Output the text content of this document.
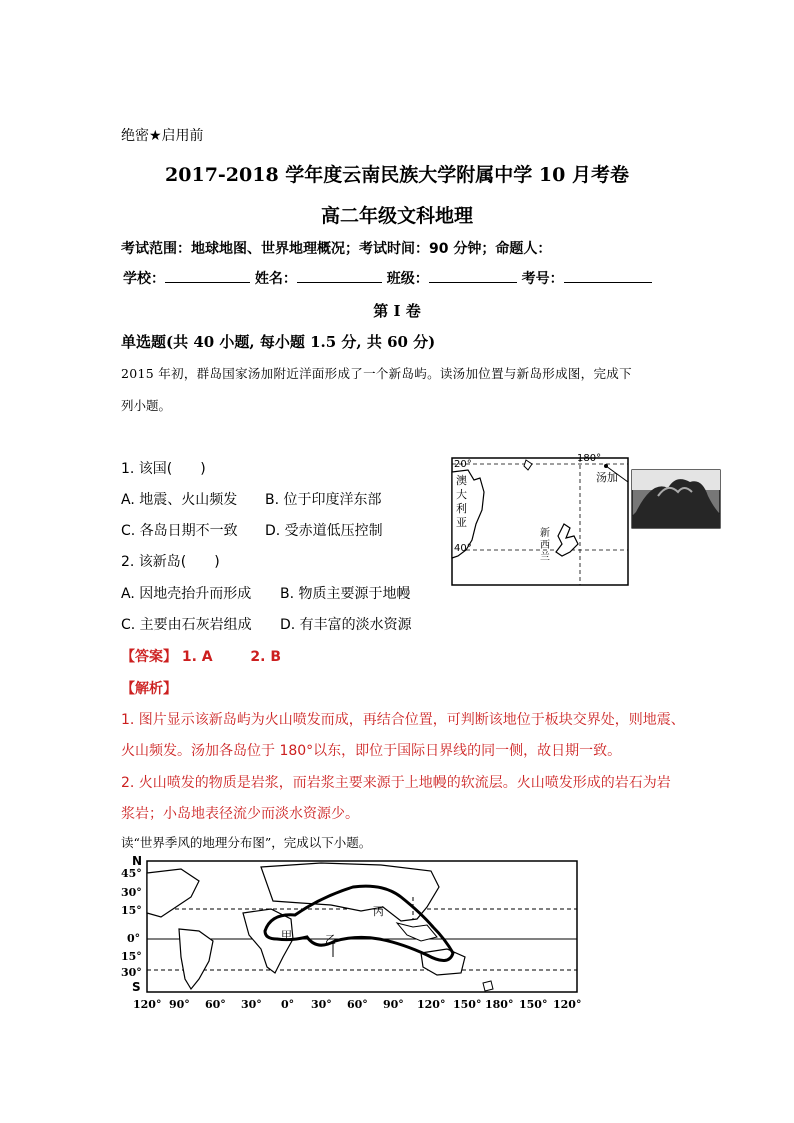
绝密★启用前
2017-2018 学年度云南民族大学附属中学 10 月考卷
高二年级文科地理
考试范围：地球地图、世界地理概况；考试时间：90 分钟；命题人：
学校：	姓名：	班级：	考号：
第 I 卷
单选题(共 40 小题, 每小题 1.5 分, 共 60 分)
2015 年初，群岛国家汤加附近洋面形成了一个新岛屿。读汤加位置与新岛形成图，完成下
列小题。
1. 该国(　　)
A. 地震、火山频发 B. 位于印度洋东部
C. 各岛日期不一致 D. 受赤道低压控制
2. 该新岛(　　)
A. 因地壳抬升而形成 B. 物质主要源于地幔
C. 主要由石灰岩组成 D. 有丰富的淡水资源
20°
40°
180°
汤加
澳大利亚
新西兰
【答案】 1. A	2. B
【解析】
1. 图片显示该新岛屿为火山喷发而成，再结合位置，可判断该地位于板块交界处，则地震、
火山频发。汤加各岛位于 180°以东，即位于国际日界线的同一侧，故日期一致。
2. 火山喷发的物质是岩浆，而岩浆主要来源于上地幔的软流层。火山喷发形成的岩石为岩
浆岩；小岛地表径流少而淡水资源少。
读“世界季风的地理分布图”，完成以下小题。
N
S
45°
30°
15°
0°
15°
30°
120° 90° 60° 30° 0° 30° 60° 90° 120° 150° 180° 150° 120°
甲	乙
丙
